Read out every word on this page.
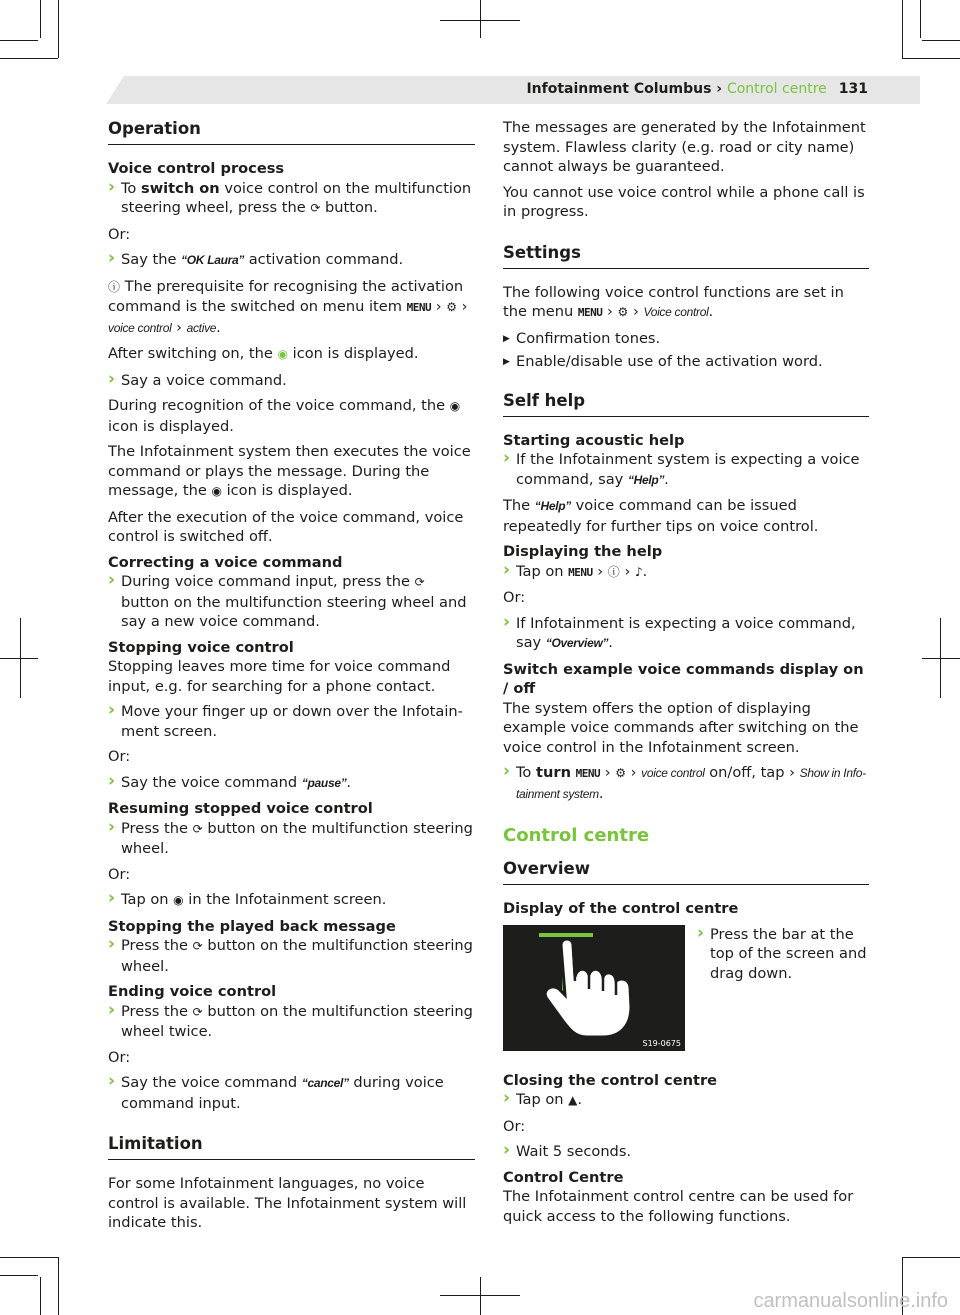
Infotainment Columbus › Control centre 131
Operation
Voice control process
› To switch on voice control on the multifunction steering wheel, press the ⟳ button.

Or:

› Say the “OK Laura” activation command.

ⓘ The prerequisite for recognising the activation command is the switched on menu item MENU › ⚙ › voice control › active.

After switching on, the ◉ icon is displayed.

› Say a voice command.

During recognition of the voice command, the ◉ icon is displayed.

The Infotainment system then executes the voice command or plays the message. During the message, the ◉ icon is displayed.

After the execution of the voice command, voice control is switched off.

Correcting a voice command
› During voice command input, press the ⟳ button on the multifunction steering wheel and say a new voice command.
Stopping voice control

Stopping leaves more time for voice command input, e.g. for searching for a phone contact.

› Move your finger up or down over the Infotainment screen.

Or:

› Say the voice command “pause”.
Resuming stopped voice control
› Press the ⟳ button on the multifunction steering wheel.

Or:

› Tap on ◉ in the Infotainment screen.
Stopping the played back message
› Press the ⟳ button on the multifunction steering wheel.
Ending voice control
› Press the ⟳ button on the multifunction steering wheel twice.

Or:

› Say the voice command “cancel” during voice command input.
Limitation

For some Infotainment languages, no voice control is available. The Infotainment system will indicate this.

The messages are generated by the Infotainment system. Flawless clarity (e.g. road or city name) cannot always be guaranteed.

You cannot use voice control while a phone call is in progress.

Settings

The following voice control functions are set in the menu MENU › ⚙ › Voice control.

▶ Confirmation tones.
▶ Enable/disable use of the activation word.
Self help
Starting acoustic help
› If the Infotainment system is expecting a voice command, say “Help”.

The “Help” voice command can be issued repeatedly for further tips on voice control.

Displaying the help
› Tap on MENU › ⓘ › ♪.

Or:

› If Infotainment is expecting a voice command, say “Overview”.
Switch example voice commands display on / off

The system offers the option of displaying example voice commands after switching on the voice control in the Infotainment screen.

› To turn MENU › ⚙ › voice control on/off, tap › Show in Infotainment system.
Control centre
Overview
Display of the control centre
S19-0675
› Press the bar at the top of the screen and drag down.
Closing the control centre
› Tap on ▲.

Or:

› Wait 5 seconds.
Control Centre

The Infotainment control centre can be used for quick access to the following functions.

carmanualsonline.info
